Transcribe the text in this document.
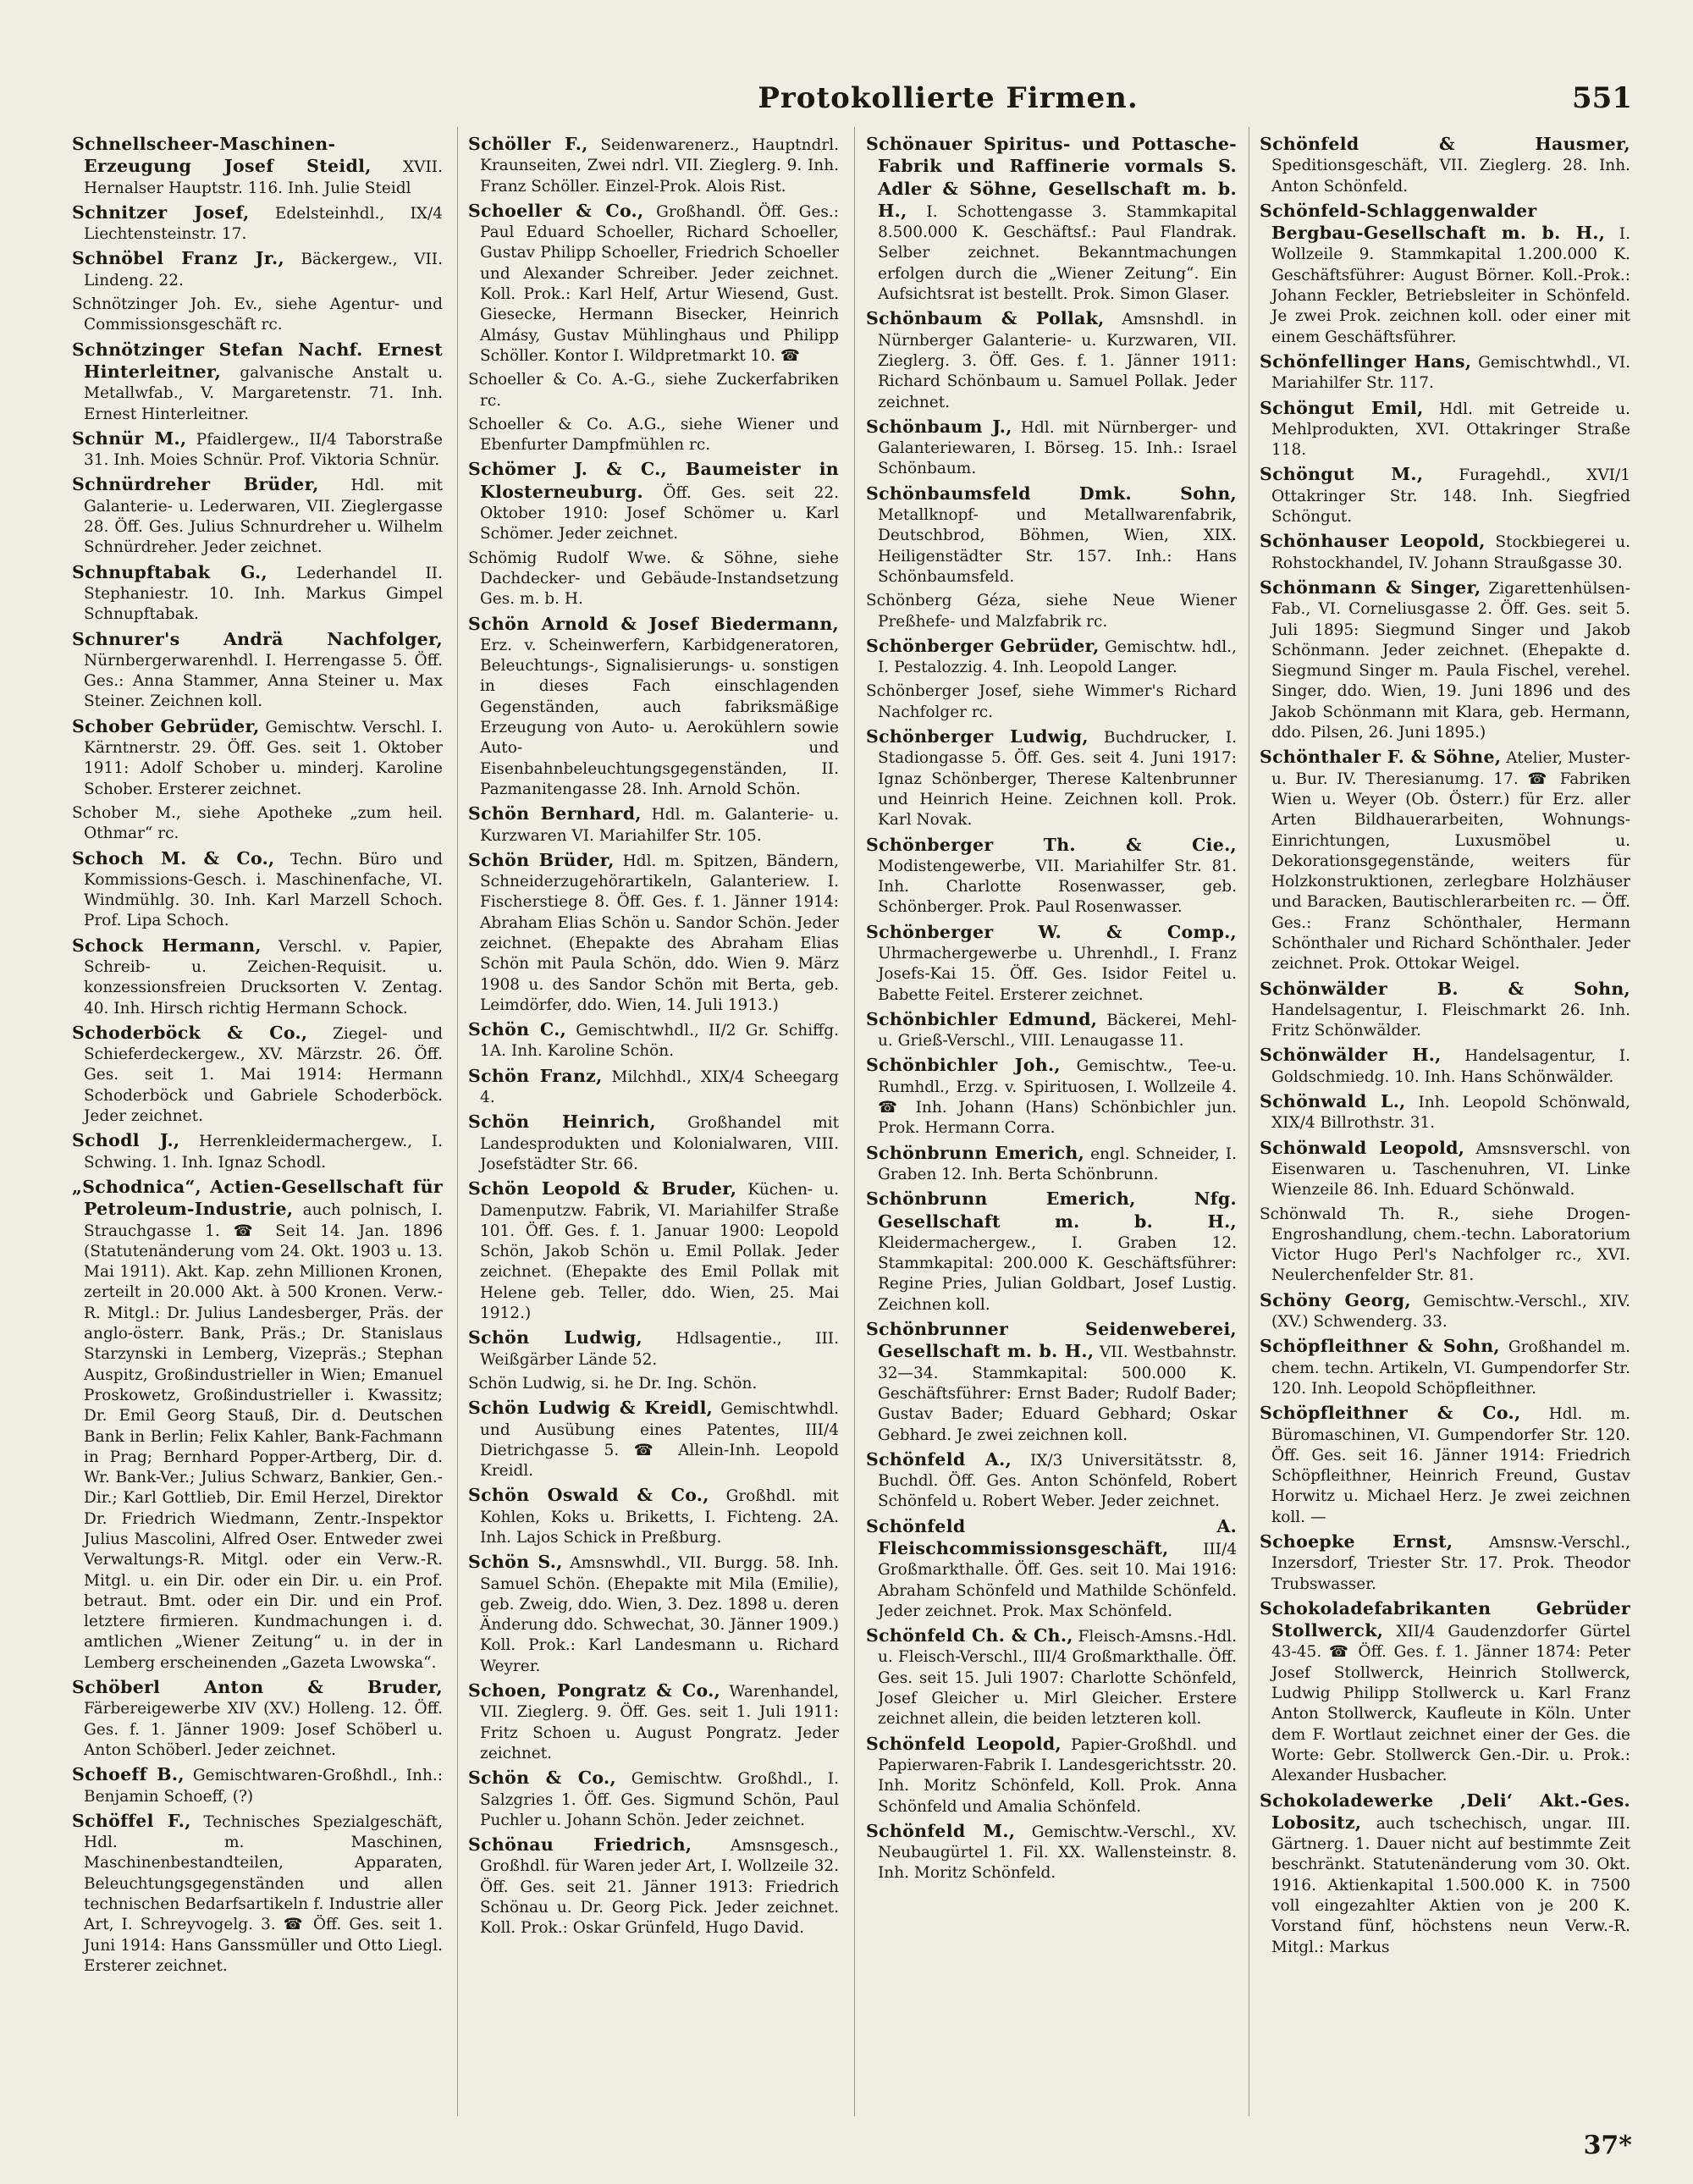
Protokollierte Firmen.	551

Schnellscheer-Maschinen-Erzeugung Josef Steidl, XVII. Hernalser Hauptstr. 116. Inh. Julie Steidl

Schnitzer Josef, Edelsteinhdl., IX/4 Liechtensteinstr. 17.

Schnöbel Franz Jr., Bäckergew., VII. Lindeng. 22.

Schnötzinger Joh. Ev., siehe Agentur- und Commissionsgeschäft rc.

Schnötzinger Stefan Nachf. Ernest Hinterleitner, galvanische Anstalt u. Metallwfab., V. Margaretenstr. 71. Inh. Ernest Hinterleitner.

Schnür M., Pfaidlergew., II/4 Taborstraße 31. Inh. Moies Schnür. Prof. Viktoria Schnür.

Schnürdreher Brüder, Hdl. mit Galanterie- u. Lederwaren, VII. Zieglergasse 28. Öff. Ges. Julius Schnurdreher u. Wilhelm Schnürdreher. Jeder zeichnet.

Schnupftabak G., Lederhandel II. Stephaniestr. 10. Inh. Markus Gimpel Schnupftabak.

Schnurer's Andrä Nachfolger, Nürnbergerwarenhdl. I. Herrengasse 5. Öff. Ges.: Anna Stammer, Anna Steiner u. Max Steiner. Zeichnen koll.

Schober Gebrüder, Gemischtw. Verschl. I. Kärntnerstr. 29. Öff. Ges. seit 1. Oktober 1911: Adolf Schober u. minderj. Karoline Schober. Ersterer zeichnet.

Schober M., siehe Apotheke „zum heil. Othmar“ rc.

Schoch M. & Co., Techn. Büro und Kommissions-Gesch. i. Maschinenfache, VI. Windmühlg. 30. Inh. Karl Marzell Schoch. Prof. Lipa Schoch.

Schock Hermann, Verschl. v. Papier, Schreib- u. Zeichen-Requisit. u. konzessionsfreien Drucksorten V. Zentag. 40. Inh. Hirsch richtig Hermann Schock.

Schoderböck & Co., Ziegel- und Schieferdeckergew., XV. Märzstr. 26. Öff. Ges. seit 1. Mai 1914: Hermann Schoderböck und Gabriele Schoderböck. Jeder zeichnet.

Schodl J., Herrenkleidermachergew., I. Schwing. 1. Inh. Ignaz Schodl.

„Schodnica“, Actien-Gesellschaft für Petroleum-Industrie, auch polnisch, I. Strauchgasse 1. ☎ Seit 14. Jan. 1896 (Statutenänderung vom 24. Okt. 1903 u. 13. Mai 1911). Akt. Kap. zehn Millionen Kronen, zerteilt in 20.000 Akt. à 500 Kronen. Verw.-R. Mitgl.: Dr. Julius Landesberger, Präs. der anglo-österr. Bank, Präs.; Dr. Stanislaus Starzynski in Lemberg, Vizepräs.; Stephan Auspitz, Großindustrieller in Wien; Emanuel Proskowetz, Großindustrieller i. Kwassitz; Dr. Emil Georg Stauß, Dir. d. Deutschen Bank in Berlin; Felix Kahler, Bank-Fachmann in Prag; Bernhard Popper-Artberg, Dir. d. Wr. Bank-Ver.; Julius Schwarz, Bankier, Gen.-Dir.; Karl Gottlieb, Dir. Emil Herzel, Direktor Dr. Friedrich Wiedmann, Zentr.-Inspektor Julius Mascolini, Alfred Oser. Entweder zwei Verwaltungs-R. Mitgl. oder ein Verw.-R. Mitgl. u. ein Dir. oder ein Dir. u. ein Prof. betraut. Bmt. oder ein Dir. und ein Prof. letztere firmieren. Kundmachungen i. d. amtlichen „Wiener Zeitung“ u. in der in Lemberg erscheinenden „Gazeta Lwowska“.

Schöberl Anton & Bruder, Färbereigewerbe XIV (XV.) Holleng. 12. Öff. Ges. f. 1. Jänner 1909: Josef Schöberl u. Anton Schöberl. Jeder zeichnet.

Schoeff B., Gemischtwaren-Großhdl., Inh.: Benjamin Schoeff, (?)

Schöffel F., Technisches Spezialgeschäft, Hdl. m. Maschinen, Maschinenbestandteilen, Apparaten, Beleuchtungsgegenständen und allen technischen Bedarfsartikeln f. Industrie aller Art, I. Schreyvogelg. 3. ☎ Öff. Ges. seit 1. Juni 1914: Hans Ganssmüller und Otto Liegl. Ersterer zeichnet.

Schöller F., Seidenwarenerz., Hauptndrl. Kraunseiten, Zwei ndrl. VII. Zieglerg. 9. Inh. Franz Schöller. Einzel-Prok. Alois Rist.

Schoeller & Co., Großhandl. Öff. Ges.: Paul Eduard Schoeller, Richard Schoeller, Gustav Philipp Schoeller, Friedrich Schoeller und Alexander Schreiber. Jeder zeichnet. Koll. Prok.: Karl Helf, Artur Wiesend, Gust. Giesecke, Hermann Bisecker, Heinrich Almásy, Gustav Mühlinghaus und Philipp Schöller. Kontor I. Wildpretmarkt 10. ☎

Schoeller & Co. A.-G., siehe Zuckerfabriken rc.

Schoeller & Co. A.G., siehe Wiener und Ebenfurter Dampfmühlen rc.

Schömer J. & C., Baumeister in Klosterneuburg. Öff. Ges. seit 22. Oktober 1910: Josef Schömer u. Karl Schömer. Jeder zeichnet.

Schömig Rudolf Wwe. & Söhne, siehe Dachdecker- und Gebäude-Instandsetzung Ges. m. b. H.

Schön Arnold & Josef Biedermann, Erz. v. Scheinwerfern, Karbidgeneratoren, Beleuchtungs-, Signalisierungs- u. sonstigen in dieses Fach einschlagenden Gegenständen, auch fabriksmäßige Erzeugung von Auto- u. Aerokühlern sowie Auto- und Eisenbahnbeleuchtungsgegenständen, II. Pazmanitengasse 28. Inh. Arnold Schön.

Schön Bernhard, Hdl. m. Galanterie- u. Kurzwaren VI. Mariahilfer Str. 105.

Schön Brüder, Hdl. m. Spitzen, Bändern, Schneiderzugehörartikeln, Galanteriew. I. Fischerstiege 8. Öff. Ges. f. 1. Jänner 1914: Abraham Elias Schön u. Sandor Schön. Jeder zeichnet. (Ehepakte des Abraham Elias Schön mit Paula Schön, ddo. Wien 9. März 1908 u. des Sandor Schön mit Berta, geb. Leimdörfer, ddo. Wien, 14. Juli 1913.)

Schön C., Gemischtwhdl., II/2 Gr. Schiffg. 1A. Inh. Karoline Schön.

Schön Franz, Milchhdl., XIX/4 Scheegarg 4.

Schön Heinrich, Großhandel mit Landesprodukten und Kolonialwaren, VIII. Josefstädter Str. 66.

Schön Leopold & Bruder, Küchen- u. Damenputzw. Fabrik, VI. Mariahilfer Straße 101. Öff. Ges. f. 1. Januar 1900: Leopold Schön, Jakob Schön u. Emil Pollak. Jeder zeichnet. (Ehepakte des Emil Pollak mit Helene geb. Teller, ddo. Wien, 25. Mai 1912.)

Schön Ludwig, Hdlsagentie., III. Weißgärber Lände 52.

Schön Ludwig, si. he Dr. Ing. Schön.

Schön Ludwig & Kreidl, Gemischtwhdl. und Ausübung eines Patentes, III/4 Dietrichgasse 5. ☎ Allein-Inh. Leopold Kreidl.

Schön Oswald & Co., Großhdl. mit Kohlen, Koks u. Briketts, I. Fichteng. 2A. Inh. Lajos Schick in Preßburg.

Schön S., Amsnswhdl., VII. Burgg. 58. Inh. Samuel Schön. (Ehepakte mit Mila (Emilie), geb. Zweig, ddo. Wien, 3. Dez. 1898 u. deren Änderung ddo. Schwechat, 30. Jänner 1909.) Koll. Prok.: Karl Landesmann u. Richard Weyrer.

Schoen, Pongratz & Co., Warenhandel, VII. Zieglerg. 9. Öff. Ges. seit 1. Juli 1911: Fritz Schoen u. August Pongratz. Jeder zeichnet.

Schön & Co., Gemischtw. Großhdl., I. Salzgries 1. Öff. Ges. Sigmund Schön, Paul Puchler u. Johann Schön. Jeder zeichnet.

Schönau Friedrich, Amsnsgesch., Großhdl. für Waren jeder Art, I. Wollzeile 32. Öff. Ges. seit 21. Jänner 1913: Friedrich Schönau u. Dr. Georg Pick. Jeder zeichnet. Koll. Prok.: Oskar Grünfeld, Hugo David.

Schönauer Spiritus- und Pottasche-Fabrik und Raffinerie vormals S. Adler & Söhne, Gesellschaft m. b. H., I. Schottengasse 3. Stammkapital 8.500.000 K. Geschäftsf.: Paul Flandrak. Selber zeichnet. Bekanntmachungen erfolgen durch die „Wiener Zeitung“. Ein Aufsichtsrat ist bestellt. Prok. Simon Glaser.

Schönbaum & Pollak, Amsnshdl. in Nürnberger Galanterie- u. Kurzwaren, VII. Zieglerg. 3. Öff. Ges. f. 1. Jänner 1911: Richard Schönbaum u. Samuel Pollak. Jeder zeichnet.

Schönbaum J., Hdl. mit Nürnberger- und Galanteriewaren, I. Börseg. 15. Inh.: Israel Schönbaum.

Schönbaumsfeld Dmk. Sohn, Metallknopf- und Metallwarenfabrik, Deutschbrod, Böhmen, Wien, XIX. Heiligenstädter Str. 157. Inh.: Hans Schönbaumsfeld.

Schönberg Géza, siehe Neue Wiener Preßhefe- und Malzfabrik rc.

Schönberger Gebrüder, Gemischtw. hdl., I. Pestalozzig. 4. Inh. Leopold Langer.

Schönberger Josef, siehe Wimmer's Richard Nachfolger rc.

Schönberger Ludwig, Buchdrucker, I. Stadiongasse 5. Öff. Ges. seit 4. Juni 1917: Ignaz Schönberger, Therese Kaltenbrunner und Heinrich Heine. Zeichnen koll. Prok. Karl Novak.

Schönberger Th. & Cie., Modistengewerbe, VII. Mariahilfer Str. 81. Inh. Charlotte Rosenwasser, geb. Schönberger. Prok. Paul Rosenwasser.

Schönberger W. & Comp., Uhrmachergewerbe u. Uhrenhdl., I. Franz Josefs-Kai 15. Öff. Ges. Isidor Feitel u. Babette Feitel. Ersterer zeichnet.

Schönbichler Edmund, Bäckerei, Mehl- u. Grieß-Verschl., VIII. Lenaugasse 11.

Schönbichler Joh., Gemischtw., Tee-u. Rumhdl., Erzg. v. Spirituosen, I. Wollzeile 4. ☎ Inh. Johann (Hans) Schönbichler jun. Prok. Hermann Corra.

Schönbrunn Emerich, engl. Schneider, I. Graben 12. Inh. Berta Schönbrunn.

Schönbrunn Emerich, Nfg. Gesellschaft m. b. H., Kleidermachergew., I. Graben 12. Stammkapital: 200.000 K. Geschäftsführer: Regine Pries, Julian Goldbart, Josef Lustig. Zeichnen koll.

Schönbrunner Seidenweberei, Gesellschaft m. b. H., VII. Westbahnstr. 32—34. Stammkapital: 500.000 K. Geschäftsführer: Ernst Bader; Rudolf Bader; Gustav Bader; Eduard Gebhard; Oskar Gebhard. Je zwei zeichnen koll.

Schönfeld A., IX/3 Universitätsstr. 8, Buchdl. Öff. Ges. Anton Schönfeld, Robert Schönfeld u. Robert Weber. Jeder zeichnet.

Schönfeld A. Fleischcommissionsgeschäft, III/4 Großmarkthalle. Öff. Ges. seit 10. Mai 1916: Abraham Schönfeld und Mathilde Schönfeld. Jeder zeichnet. Prok. Max Schönfeld.

Schönfeld Ch. & Ch., Fleisch-Amsns.-Hdl. u. Fleisch-Verschl., III/4 Großmarkthalle. Öff. Ges. seit 15. Juli 1907: Charlotte Schönfeld, Josef Gleicher u. Mirl Gleicher. Erstere zeichnet allein, die beiden letzteren koll.

Schönfeld Leopold, Papier-Großhdl. und Papierwaren-Fabrik I. Landesgerichtsstr. 20. Inh. Moritz Schönfeld, Koll. Prok. Anna Schönfeld und Amalia Schönfeld.

Schönfeld M., Gemischtw.-Verschl., XV. Neubaugürtel 1. Fil. XX. Wallensteinstr. 8. Inh. Moritz Schönfeld.

Schönfeld & Hausmer, Speditionsgeschäft, VII. Zieglerg. 28. Inh. Anton Schönfeld.

Schönfeld-Schlaggenwalder Bergbau-Gesellschaft m. b. H., I. Wollzeile 9. Stammkapital 1.200.000 K. Geschäftsführer: August Börner. Koll.-Prok.: Johann Feckler, Betriebsleiter in Schönfeld. Je zwei Prok. zeichnen koll. oder einer mit einem Geschäftsführer.

Schönfellinger Hans, Gemischtwhdl., VI. Mariahilfer Str. 117.

Schöngut Emil, Hdl. mit Getreide u. Mehlprodukten, XVI. Ottakringer Straße 118.

Schöngut M., Furagehdl., XVI/1 Ottakringer Str. 148. Inh. Siegfried Schöngut.

Schönhauser Leopold, Stockbiegerei u. Rohstockhandel, IV. Johann Straußgasse 30.

Schönmann & Singer, Zigarettenhülsen-Fab., VI. Corneliusgasse 2. Öff. Ges. seit 5. Juli 1895: Siegmund Singer und Jakob Schönmann. Jeder zeichnet. (Ehepakte d. Siegmund Singer m. Paula Fischel, verehel. Singer, ddo. Wien, 19. Juni 1896 und des Jakob Schönmann mit Klara, geb. Hermann, ddo. Pilsen, 26. Juni 1895.)

Schönthaler F. & Söhne, Atelier, Muster- u. Bur. IV. Theresianumg. 17. ☎ Fabriken Wien u. Weyer (Ob. Österr.) für Erz. aller Arten Bildhauerarbeiten, Wohnungs-Einrichtungen, Luxusmöbel u. Dekorationsgegenstände, weiters für Holzkonstruktionen, zerlegbare Holzhäuser und Baracken, Bautischlerarbeiten rc. — Öff. Ges.: Franz Schönthaler, Hermann Schönthaler und Richard Schönthaler. Jeder zeichnet. Prok. Ottokar Weigel.

Schönwälder B. & Sohn, Handelsagentur, I. Fleischmarkt 26. Inh. Fritz Schönwälder.

Schönwälder H., Handelsagentur, I. Goldschmiedg. 10. Inh. Hans Schönwälder.

Schönwald L., Inh. Leopold Schönwald, XIX/4 Billrothstr. 31.

Schönwald Leopold, Amsnsverschl. von Eisenwaren u. Taschenuhren, VI. Linke Wienzeile 86. Inh. Eduard Schönwald.

Schönwald Th. R., siehe Drogen-Engroshandlung, chem.-techn. Laboratorium Victor Hugo Perl's Nachfolger rc., XVI. Neulerchenfelder Str. 81.

Schöny Georg, Gemischtw.-Verschl., XIV. (XV.) Schwenderg. 33.

Schöpfleithner & Sohn, Großhandel m. chem. techn. Artikeln, VI. Gumpendorfer Str. 120. Inh. Leopold Schöpfleithner.

Schöpfleithner & Co., Hdl. m. Büromaschinen, VI. Gumpendorfer Str. 120. Öff. Ges. seit 16. Jänner 1914: Friedrich Schöpfleithner, Heinrich Freund, Gustav Horwitz u. Michael Herz. Je zwei zeichnen koll. —

Schoepke Ernst, Amsnsw.-Verschl., Inzersdorf, Triester Str. 17. Prok. Theodor Trubswasser.

Schokoladefabrikanten Gebrüder Stollwerck, XII/4 Gaudenzdorfer Gürtel 43-45. ☎ Öff. Ges. f. 1. Jänner 1874: Peter Josef Stollwerck, Heinrich Stollwerck, Ludwig Philipp Stollwerck u. Karl Franz Anton Stollwerck, Kaufleute in Köln. Unter dem F. Wortlaut zeichnet einer der Ges. die Worte: Gebr. Stollwerck Gen.-Dir. u. Prok.: Alexander Husbacher.

Schokoladewerke ‚Deli‘ Akt.-Ges. Lobositz, auch tschechisch, ungar. III. Gärtnerg. 1. Dauer nicht auf bestimmte Zeit beschränkt. Statutenänderung vom 30. Okt. 1916. Aktienkapital 1.500.000 K. in 7500 voll eingezahlter Aktien von je 200 K. Vorstand fünf, höchstens neun Verw.-R. Mitgl.: Markus

37*
